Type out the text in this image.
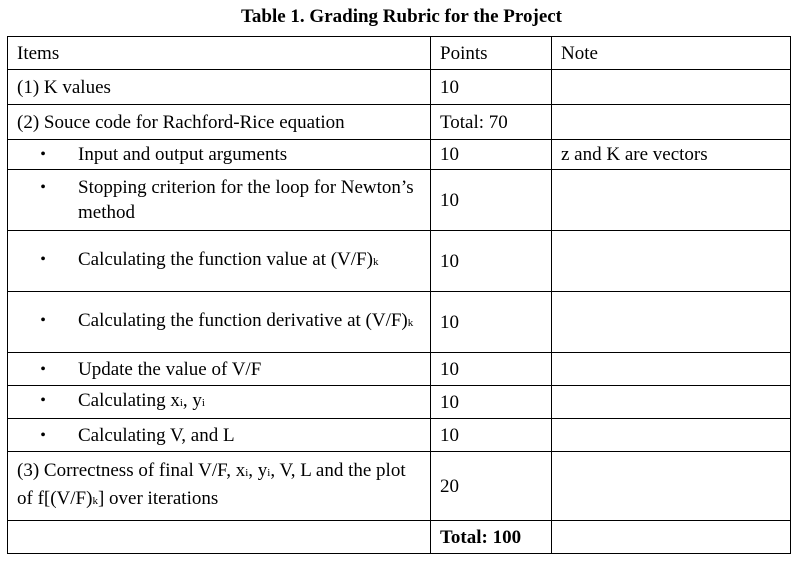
Table 1. Grading Rubric for the Project
Items	Points	Note
(1) K values	10	
(2) Souce code for Rachford-Rice equation	Total: 70	

• Input and output arguments	10	z and K are vectors

• Stopping criterion for the loop for Newton’s method	10	

• Calculating the function value at (V/F)k	10	

• Calculating the function derivative at (V/F)k	10	

• Update the value of V/F	10	

• Calculating xi, yi	10	

• Calculating V, and L	10	
(3) Correctness of final V/F, xi, yi, V, L and the plot of f[(V/F)k] over iterations	20	
	Total: 100	
